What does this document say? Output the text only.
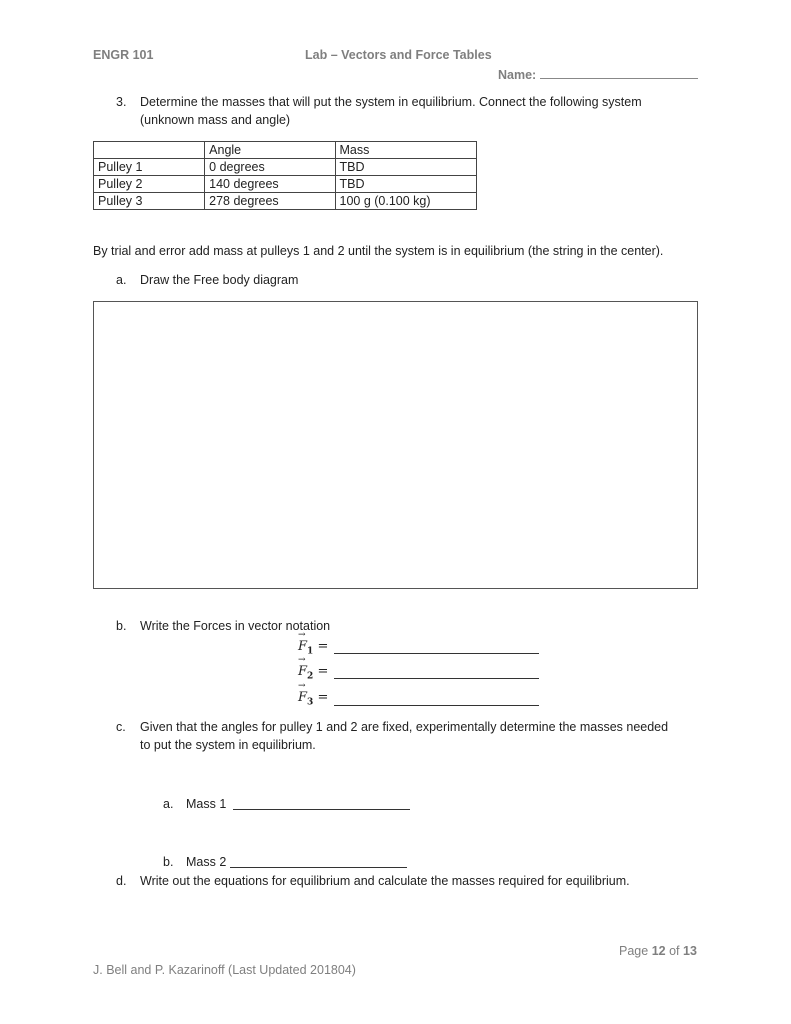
ENGR 101	Lab – Vectors and Force Tables
Name:
3. Determine the masses that will put the system in equilibrium. Connect the following system
(unknown mass and angle)
	Angle	Mass
Pulley 1	0 degrees	TBD
Pulley 2	140 degrees	TBD
Pulley 3	278 degrees	100 g (0.100 kg)
By trial and error add mass at pulleys 1 and 2 until the system is in equilibrium (the string in the center).
a. Draw the Free body diagram
b. Write the Forces in vector notation
→ $F_1$ =
→ $F_2$ =
→ $F_3$ =
c. Given that the angles for pulley 1 and 2 are fixed, experimentally determine the masses needed
to put the system in equilibrium.
a. Mass 1
b. Mass 2
d. Write out the equations for equilibrium and calculate the masses required for equilibrium.
Page 12 of 13
J. Bell and P. Kazarinoff (Last Updated 201804)
